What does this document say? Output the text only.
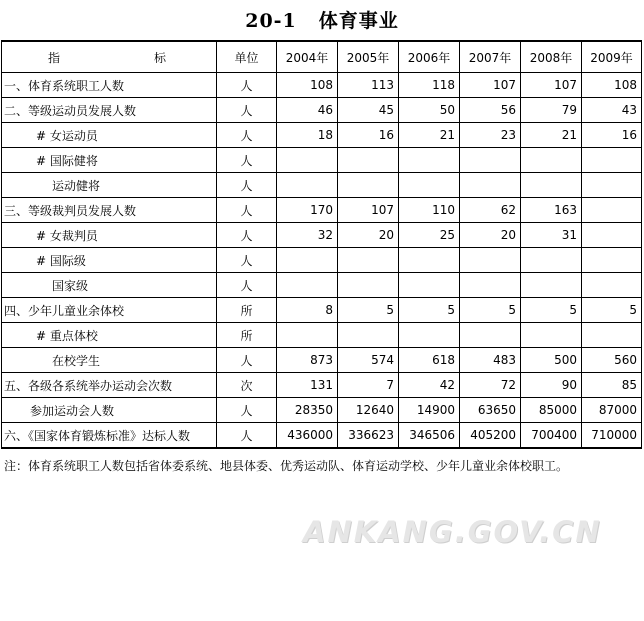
20-1 体育事业
指 标	单位	2004年	2005年	2006年	2007年	2008年	2009年
一、体育系统职工人数	人	108	113	118	107	107	108
二、等级运动员发展人数	人	46	45	50	56	79	43
# 女运动员	人	18	16	21	23	21	16
# 国际健将	人						
运动健将	人						
三、等级裁判员发展人数	人	170	107	110	62	163	
# 女裁判员	人	32	20	25	20	31	
# 国际级	人						
国家级	人						
四、少年儿童业余体校	所	8	5	5	5	5	5
# 重点体校	所						
在校学生	人	873	574	618	483	500	560
五、各级各系统举办运动会次数	次	131	7	42	72	90	85
参加运动会人数	人	28350	12640	14900	63650	85000	87000
六、《国家体育锻炼标准》达标人数	人	436000	336623	346506	405200	700400	710000
注：体育系统职工人数包括省体委系统、地县体委、优秀运动队、体育运动学校、少年儿童业余体校职工。
ANKANG.GOV.CN
